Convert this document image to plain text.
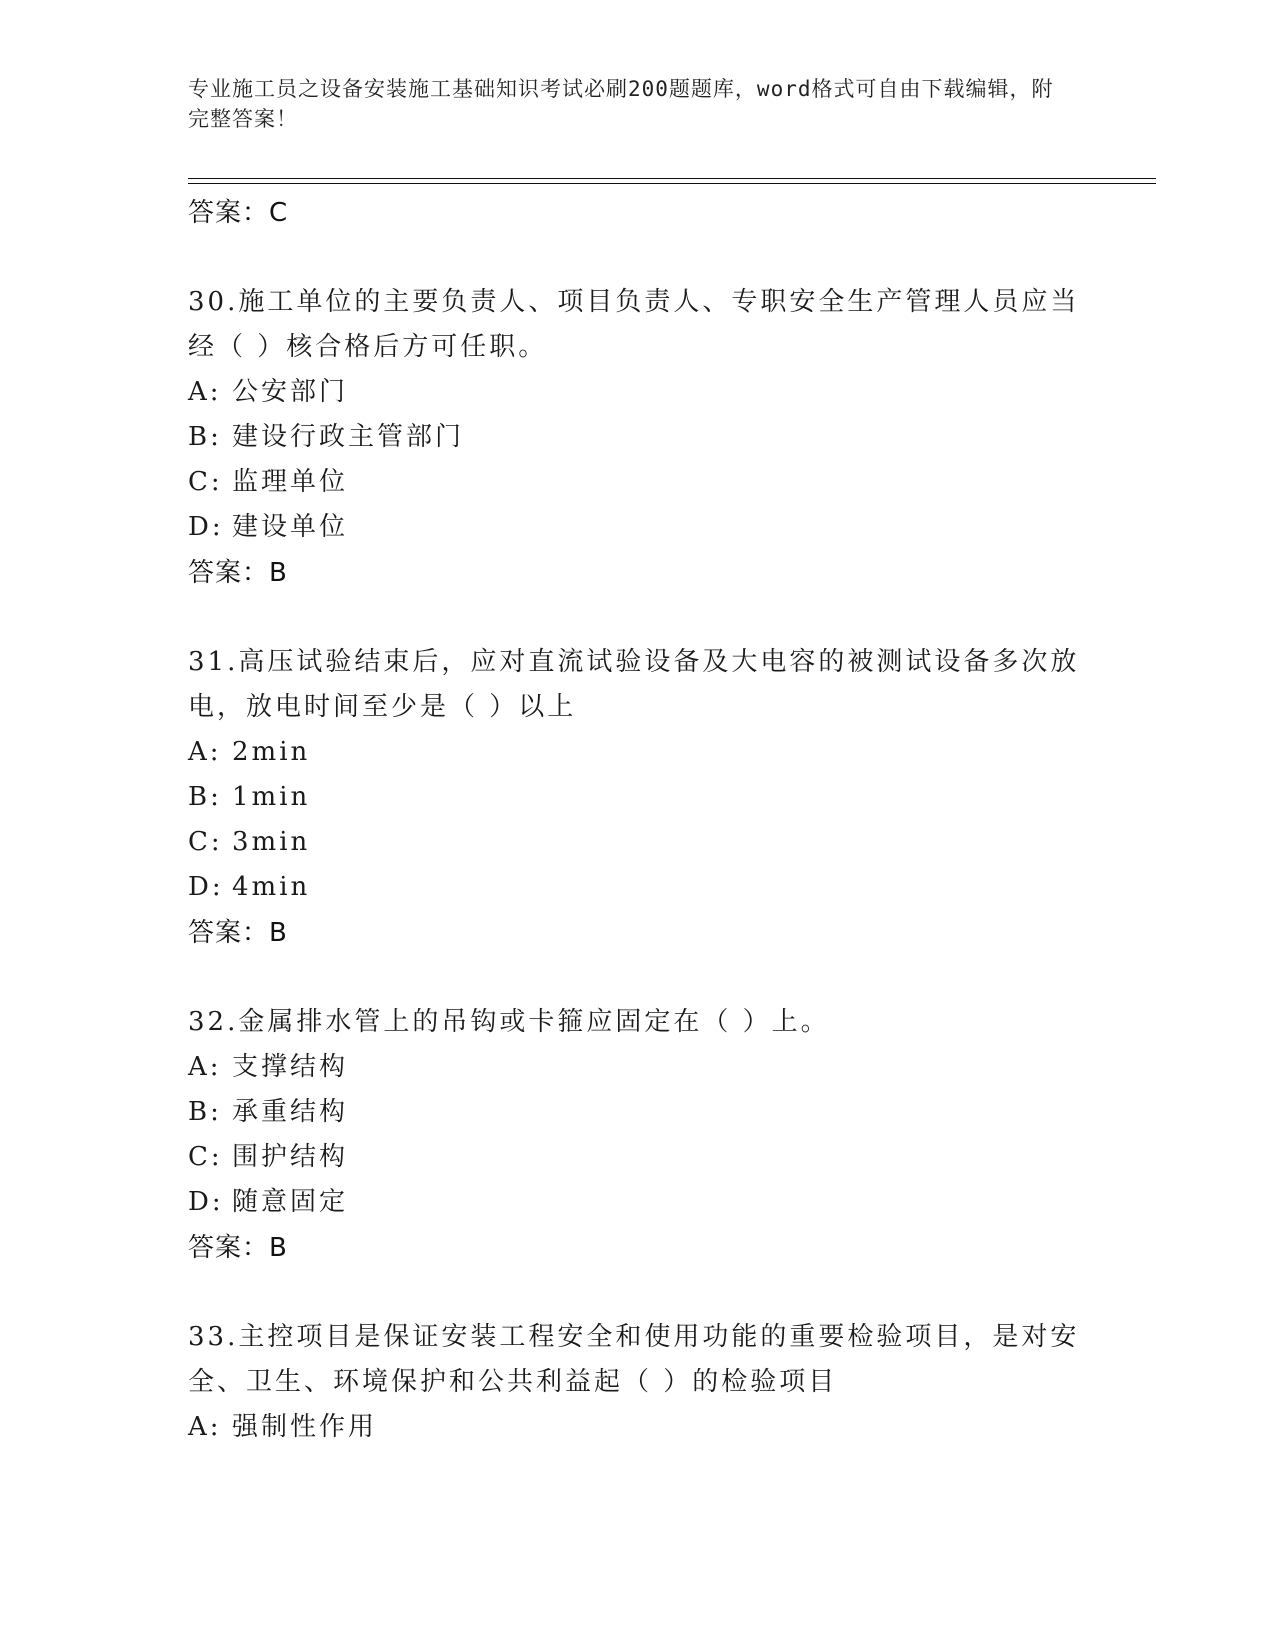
专业施工员之设备安装施工基础知识考试必刷200题题库，word格式可自由下载编辑，附完整答案！
答案：C
30.施工单位的主要负责人、项目负责人、专职安全生产管理人员应当
经（ ）核合格后方可任职。
A: 公安部门
B: 建设行政主管部门
C: 监理单位
D: 建设单位
答案：B
31.高压试验结束后，应对直流试验设备及大电容的被测试设备多次放
电，放电时间至少是（ ）以上
A: 2min
B: 1min
C: 3min
D: 4min
答案：B
32.金属排水管上的吊钩或卡箍应固定在（ ）上。
A: 支撑结构
B: 承重结构
C: 围护结构
D: 随意固定
答案：B
33.主控项目是保证安装工程安全和使用功能的重要检验项目，是对安
全、卫生、环境保护和公共利益起（ ）的检验项目
A: 强制性作用
